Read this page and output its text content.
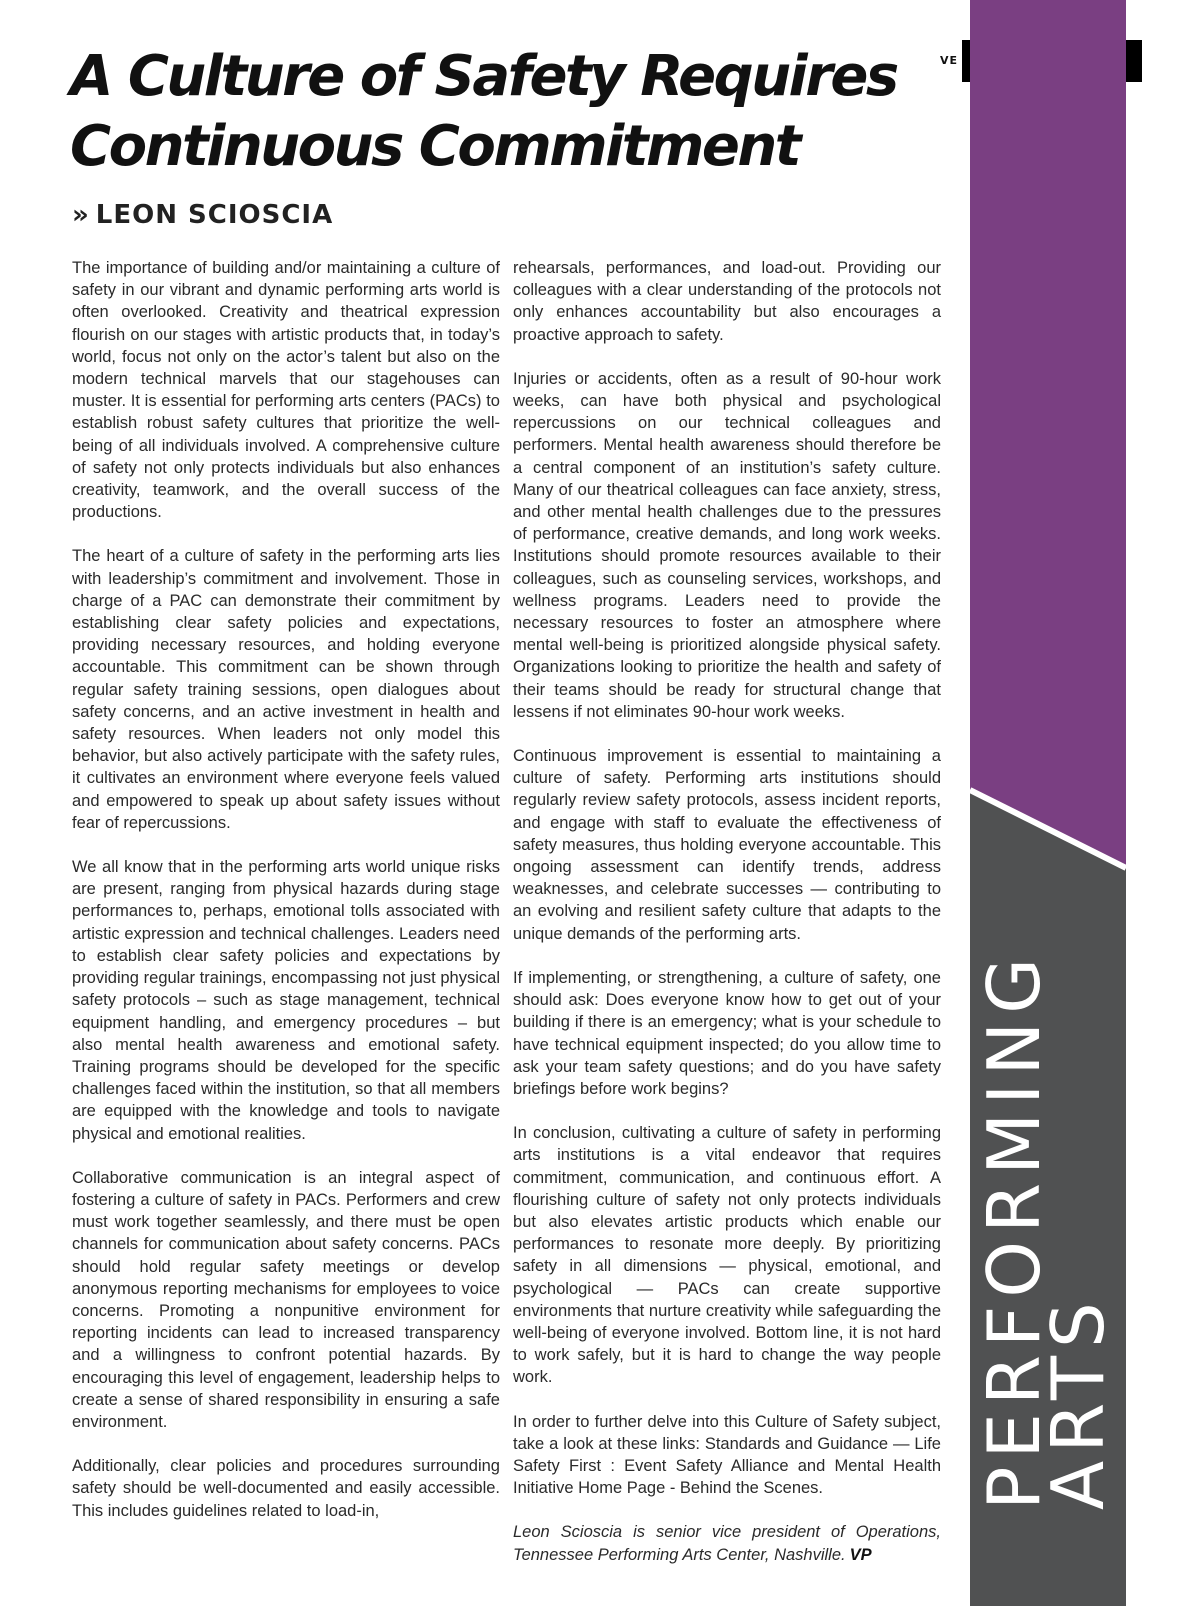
VE
A Culture of Safety Requires Continuous Commitment
» LEON SCIOSCIA

The importance of building and/or maintaining a culture of safety in our vibrant and dynamic performing arts world is often overlooked. Creativity and theatrical expression flourish on our stages with artistic products that, in today’s world, focus not only on the actor’s talent but also on the modern technical marvels that our stagehouses can muster. It is essential for performing arts centers (PACs) to establish robust safety cultures that prioritize the well-being of all individuals involved. A comprehensive culture of safety not only protects individuals but also enhances creativity, teamwork, and the overall success of the productions.

The heart of a culture of safety in the performing arts lies with leadership’s commitment and involvement. Those in charge of a PAC can demonstrate their commitment by establishing clear safety policies and expectations, providing necessary resources, and holding everyone accountable. This commitment can be shown through regular safety training sessions, open dialogues about safety concerns, and an active investment in health and safety resources. When leaders not only model this behavior, but also actively participate with the safety rules, it cultivates an environment where everyone feels valued and empowered to speak up about safety issues without fear of repercussions.

We all know that in the performing arts world unique risks are present, ranging from physical hazards during stage performances to, perhaps, emotional tolls associated with artistic expression and technical challenges. Leaders need to establish clear safety policies and expectations by providing regular trainings, encompassing not just physical safety protocols – such as stage management, technical equipment handling, and emergency procedures – but also mental health awareness and emotional safety. Training programs should be developed for the specific challenges faced within the institution, so that all members are equipped with the knowledge and tools to navigate physical and emotional realities.

Collaborative communication is an integral aspect of fostering a culture of safety in PACs. Performers and crew must work together seamlessly, and there must be open channels for communication about safety concerns. PACs should hold regular safety meetings or develop anonymous reporting mechanisms for employees to voice concerns. Promoting a nonpunitive environment for reporting incidents can lead to increased transparency and a willingness to confront potential hazards. By encouraging this level of engagement, leadership helps to create a sense of shared responsibility in ensuring a safe environment.

Additionally, clear policies and procedures surrounding safety should be well-documented and easily accessible. This includes guidelines related to load-in,

rehearsals, performances, and load-out. Providing our colleagues with a clear understanding of the protocols not only enhances accountability but also encourages a proactive approach to safety.

Injuries or accidents, often as a result of 90-hour work weeks, can have both physical and psychological repercussions on our technical colleagues and performers. Mental health awareness should therefore be a central component of an institution’s safety culture. Many of our theatrical colleagues can face anxiety, stress, and other mental health challenges due to the pressures of performance, creative demands, and long work weeks. Institutions should promote resources available to their colleagues, such as counseling services, workshops, and wellness programs. Leaders need to provide the necessary resources to foster an atmosphere where mental well-being is prioritized alongside physical safety. Organizations looking to prioritize the health and safety of their teams should be ready for structural change that lessens if not eliminates 90-hour work weeks.

Continuous improvement is essential to maintaining a culture of safety. Performing arts institutions should regularly review safety protocols, assess incident reports, and engage with staff to evaluate the effectiveness of safety measures, thus holding everyone accountable. This ongoing assessment can identify trends, address weaknesses, and celebrate successes — contributing to an evolving and resilient safety culture that adapts to the unique demands of the performing arts.

If implementing, or strengthening, a culture of safety, one should ask: Does everyone know how to get out of your building if there is an emergency; what is your schedule to have technical equipment inspected; do you allow time to ask your team safety questions; and do you have safety briefings before work begins?

In conclusion, cultivating a culture of safety in performing arts institutions is a vital endeavor that requires commitment, communication, and continuous effort. A flourishing culture of safety not only protects individuals but also elevates artistic products which enable our performances to resonate more deeply. By prioritizing safety in all dimensions — physical, emotional, and psychological — PACs can create supportive environments that nurture creativity while safeguarding the well-being of everyone involved. Bottom line, it is not hard to work safely, but it is hard to change the way people work.

In order to further delve into this Culture of Safety subject, take a look at these links: Standards and Guidance — Life Safety First : Event Safety Alliance and Mental Health Initiative Home Page - Behind the Scenes.

Leon Scioscia is senior vice president of Operations, Tennessee Performing Arts Center, Nashville. VP

PERFORMING
ARTS
